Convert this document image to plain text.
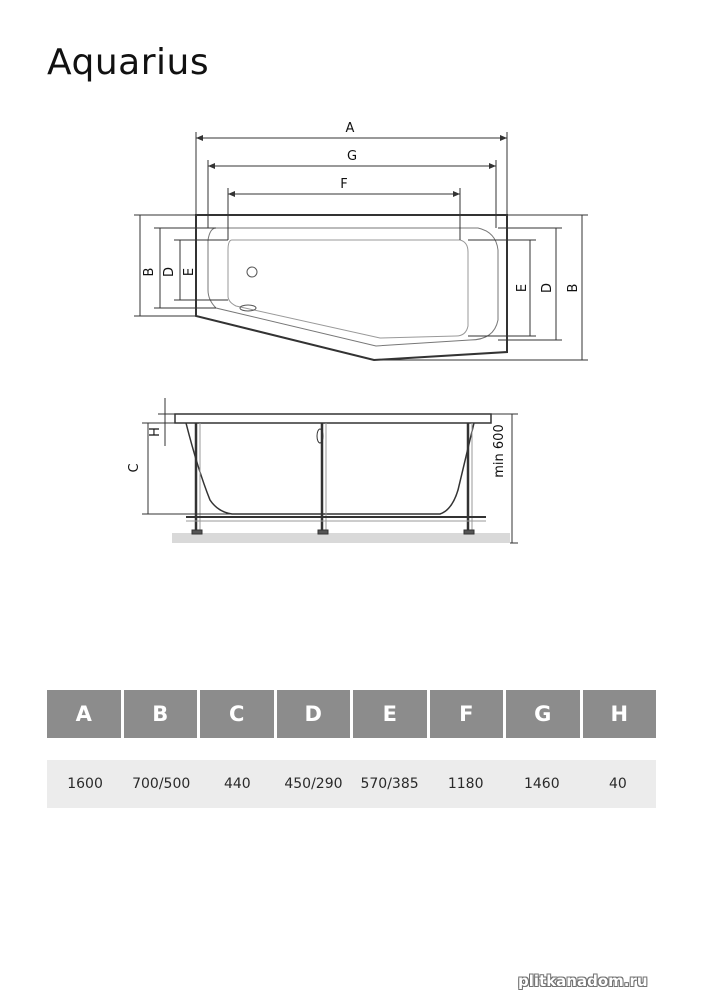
Aquarius
A
G
F
B D E
E D B
C
H	min 600
A	B	C	D	E	F	G	H
1600	700/500	440	450/290	570/385	1180	1460	40
plitkanadom.ru
